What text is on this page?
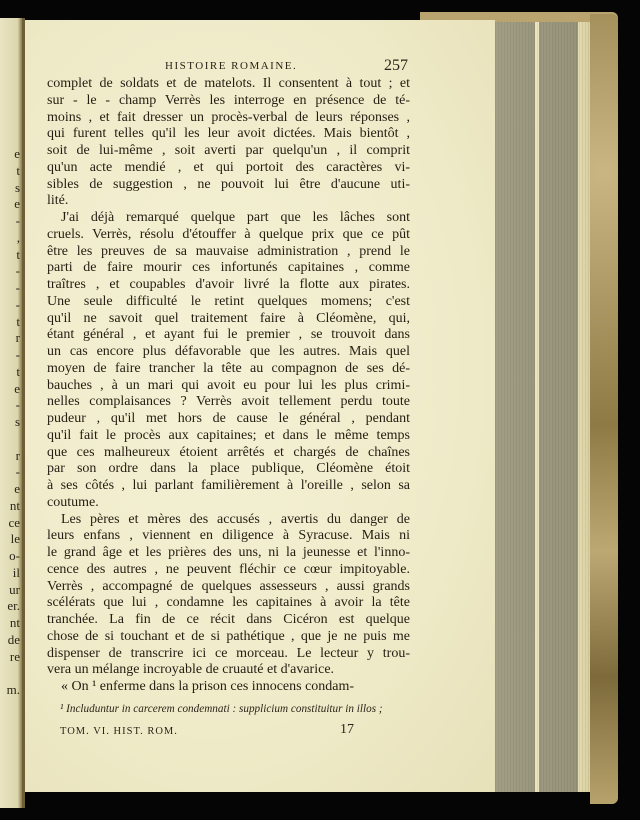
e
t
s
e
-
,
t
-
-
-
t
r
-
t
e
-
s
r
-
e
nt
ce
le
o-
il
ur
er.
nt
de
re
m.
HISTOIRE ROMAINE.	257
complet de soldats et de matelots. Il consentent à tout ; et
sur - le - champ Verrès les interroge en présence de té-
moins , et fait dresser un procès-verbal de leurs réponses ,
qui furent telles qu'il les leur avoit dictées. Mais bientôt ,
soit de lui-même , soit averti par quelqu'un , il comprit
qu'un acte mendié , et qui portoit des caractères vi-
sibles de suggestion , ne pouvoit lui être d'aucune uti-
lité.
J'ai déjà remarqué quelque part que les lâches sont
cruels. Verrès, résolu d'étouffer à quelque prix que ce pût
être les preuves de sa mauvaise administration , prend le
parti de faire mourir ces infortunés capitaines , comme
traîtres , et coupables d'avoir livré la flotte aux pirates.
Une seule difficulté le retint quelques momens; c'est
qu'il ne savoit quel traitement faire à Cléomène, qui,
étant général , et ayant fui le premier , se trouvoit dans
un cas encore plus défavorable que les autres. Mais quel
moyen de faire trancher la tête au compagnon de ses dé-
bauches , à un mari qui avoit eu pour lui les plus crimi-
nelles complaisances ? Verrès avoit tellement perdu toute
pudeur , qu'il met hors de cause le général , pendant
qu'il fait le procès aux capitaines; et dans le même temps
que ces malheureux étoient arrêtés et chargés de chaînes
par son ordre dans la place publique, Cléomène étoit
à ses côtés , lui parlant familièrement à l'oreille , selon sa
coutume.
Les pères et mères des accusés , avertis du danger de
leurs enfans , viennent en diligence à Syracuse. Mais ni
le grand âge et les prières des uns, ni la jeunesse et l'inno-
cence des autres , ne peuvent fléchir ce cœur impitoyable.
Verrès , accompagné de quelques assesseurs , aussi grands
scélérats que lui , condamne les capitaines à avoir la tête
tranchée. La fin de ce récit dans Cicéron est quelque
chose de si touchant et de si pathétique , que je ne puis me
dispenser de transcrire ici ce morceau. Le lecteur y trou-
vera un mélange incroyable de cruauté et d'avarice.
« On ¹ enferme dans la prison ces innocens condam-
¹ Includuntur in carcerem condemnati : supplicium constituitur in illos ;
TOM. VI. HIST. ROM.	17
